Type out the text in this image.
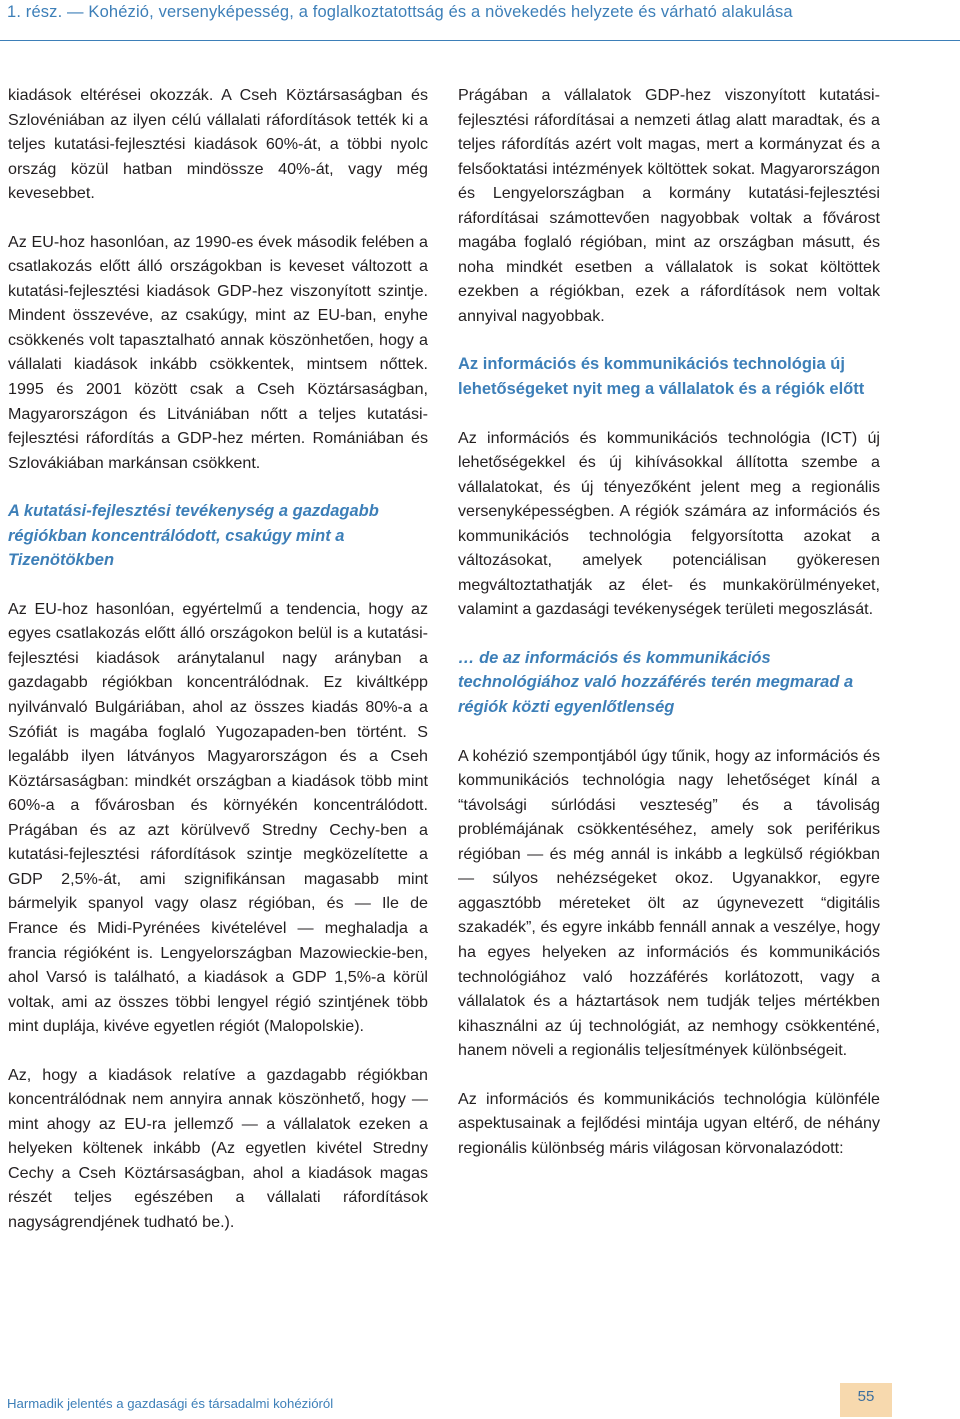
1. rész. — Kohézió, versenyképesség, a foglalkoztatottság és a növekedés helyzete és várható alakulása

kiadások eltérései okozzák. A Cseh Köztársaságban és Szlovéniában az ilyen célú vállalati ráfordítások tették ki a teljes kutatási-fejlesztési kiadások 60%-át, a többi nyolc ország közül hatban mindössze 40%-át, vagy még kevesebbet.

Az EU-hoz hasonlóan, az 1990-es évek második felében a csatlakozás előtt álló országokban is keveset változott a kutatási-fejlesztési kiadások GDP-hez viszonyított szintje. Mindent összevéve, az csakúgy, mint az EU-ban, enyhe csökkenés volt tapasztalható annak köszönhetően, hogy a vállalati kiadások inkább csökkentek, mintsem nőttek. 1995 és 2001 között csak a Cseh Köztársaságban, Magyarországon és Litvániában nőtt a teljes kutatási-fejlesztési ráfordítás a GDP-hez mérten. Romániában és Szlovákiában markánsan csökkent.

A kutatási-fejlesztési tevékenység a gazdagabb régiókban koncentrálódott, csakúgy mint a Tizenötökben

Az EU-hoz hasonlóan, egyértelmű a tendencia, hogy az egyes csatlakozás előtt álló országokon belül is a kutatási-fejlesztési kiadások aránytalanul nagy arányban a gazdagabb régiókban koncentrálódnak. Ez kiváltképp nyilvánvaló Bulgáriában, ahol az összes kiadás 80%-a a Szófiát is magába foglaló Yugozapaden-ben történt. S legalább ilyen látványos Magyarországon és a Cseh Köztársaságban: mindkét országban a kiadások több mint 60%-a a fővárosban és környékén koncentrálódott. Prágában és az azt körülvevő Stredny Cechy-ben a kutatási-fejlesztési ráfordítások szintje megközelítette a GDP 2,5%-át, ami szignifikánsan magasabb mint bármelyik spanyol vagy olasz régióban, és — Ile de France és Midi-Pyrénées kivételével — meghaladja a francia régióként is. Lengyelországban Mazowieckie-ben, ahol Varsó is található, a kiadások a GDP 1,5%-a körül voltak, ami az összes többi lengyel régió szintjének több mint duplája, kivéve egyetlen régiót (Malopolskie).

Az, hogy a kiadások relatíve a gazdagabb régiókban koncentrálódnak nem annyira annak köszönhető, hogy — mint ahogy az EU-ra jellemző — a vállalatok ezeken a helyeken költenek inkább (Az egyetlen kivétel Stredny Cechy a Cseh Köztársaságban, ahol a kiadások magas részét teljes egészében a vállalati ráfordítások nagyságrendjének tudható be.).

Prágában a vállalatok GDP-hez viszonyított kutatási-fejlesztési ráfordításai a nemzeti átlag alatt maradtak, és a teljes ráfordítás azért volt magas, mert a kormányzat és a felsőoktatási intézmények költöttek sokat. Magyarországon és Lengyelországban a kormány kutatási-fejlesztési ráfordításai számottevően nagyobbak voltak a fővárost magába foglaló régióban, mint az országban másutt, és noha mindkét esetben a vállalatok is sokat költöttek ezekben a régiókban, ezek a ráfordítások nem voltak annyival nagyobbak.

Az információs és kommunikációs technológia új lehetőségeket nyit meg a vállalatok és a régiók előtt

Az információs és kommunikációs technológia (ICT) új lehetőségekkel és új kihívásokkal állította szembe a vállalatokat, és új tényezőként jelent meg a regionális versenyképességben. A régiók számára az információs és kommunikációs technológia felgyorsította azokat a változásokat, amelyek potenciálisan gyökeresen megváltoztathatják az élet- és munkakörülményeket, valamint a gazdasági tevékenységek területi megoszlását.

… de az információs és kommunikációs technológiához való hozzáférés terén megmarad a régiók közti egyenlőtlenség

A kohézió szempontjából úgy tűnik, hogy az információs és kommunikációs technológia nagy lehetőséget kínál a “távolsági súrlódási veszteség” és a távoliság problémájának csökkentéséhez, amely sok periférikus régióban — és még annál is inkább a legkülső régiókban — súlyos nehézségeket okoz. Ugyanakkor, egyre aggasztóbb méreteket ölt az úgynevezett “digitális szakadék”, és egyre inkább fennáll annak a veszélye, hogy ha egyes helyeken az információs és kommunikációs technológiához való hozzáférés korlátozott, vagy a vállalatok és a háztartások nem tudják teljes mértékben kihasználni az új technológiát, az nemhogy csökkenténé, hanem növeli a regionális teljesítmények különbségeit.

Az információs és kommunikációs technológia különféle aspektusainak a fejlődési mintája ugyan eltérő, de néhány regionális különbség máris világosan körvonalazódott:

Harmadik jelentés a gazdasági és társadalmi kohézióról	55
